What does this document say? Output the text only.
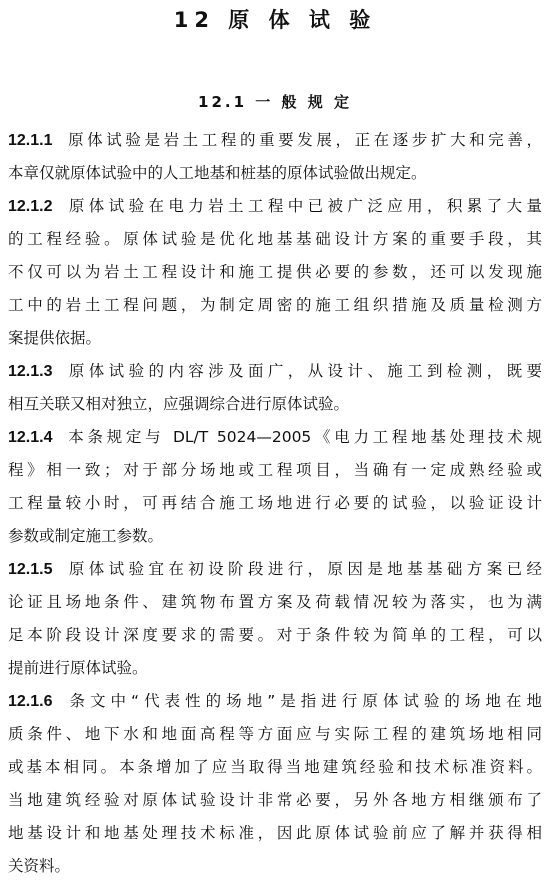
12 原 体 试 验
12.1 一 般 规 定
12.1.1 原体试验是岩土工程的重要发展，正在逐步扩大和完善，
本章仅就原体试验中的人工地基和桩基的原体试验做出规定。
12.1.2 原体试验在电力岩土工程中已被广泛应用，积累了大量
的工程经验。原体试验是优化地基基础设计方案的重要手段，其
不仅可以为岩土工程设计和施工提供必要的参数，还可以发现施
工中的岩土工程问题，为制定周密的施工组织措施及质量检测方
案提供依据。
12.1.3 原体试验的内容涉及面广，从设计、施工到检测，既要
相互关联又相对独立，应强调综合进行原体试验。
12.1.4 本条规定与 DL/T 5024—2005《电力工程地基处理技术规
程》相一致；对于部分场地或工程项目，当确有一定成熟经验或
工程量较小时，可再结合施工场地进行必要的试验，以验证设计
参数或制定施工参数。
12.1.5 原体试验宜在初设阶段进行，原因是地基基础方案已经
论证且场地条件、建筑物布置方案及荷载情况较为落实，也为满
足本阶段设计深度要求的需要。对于条件较为简单的工程，可以
提前进行原体试验。
12.1.6 条文中“代表性的场地”是指进行原体试验的场地在地
质条件、地下水和地面高程等方面应与实际工程的建筑场地相同
或基本相同。本条增加了应当取得当地建筑经验和技术标准资料。
当地建筑经验对原体试验设计非常必要，另外各地方相继颁布了
地基设计和地基处理技术标准，因此原体试验前应了解并获得相
关资料。
